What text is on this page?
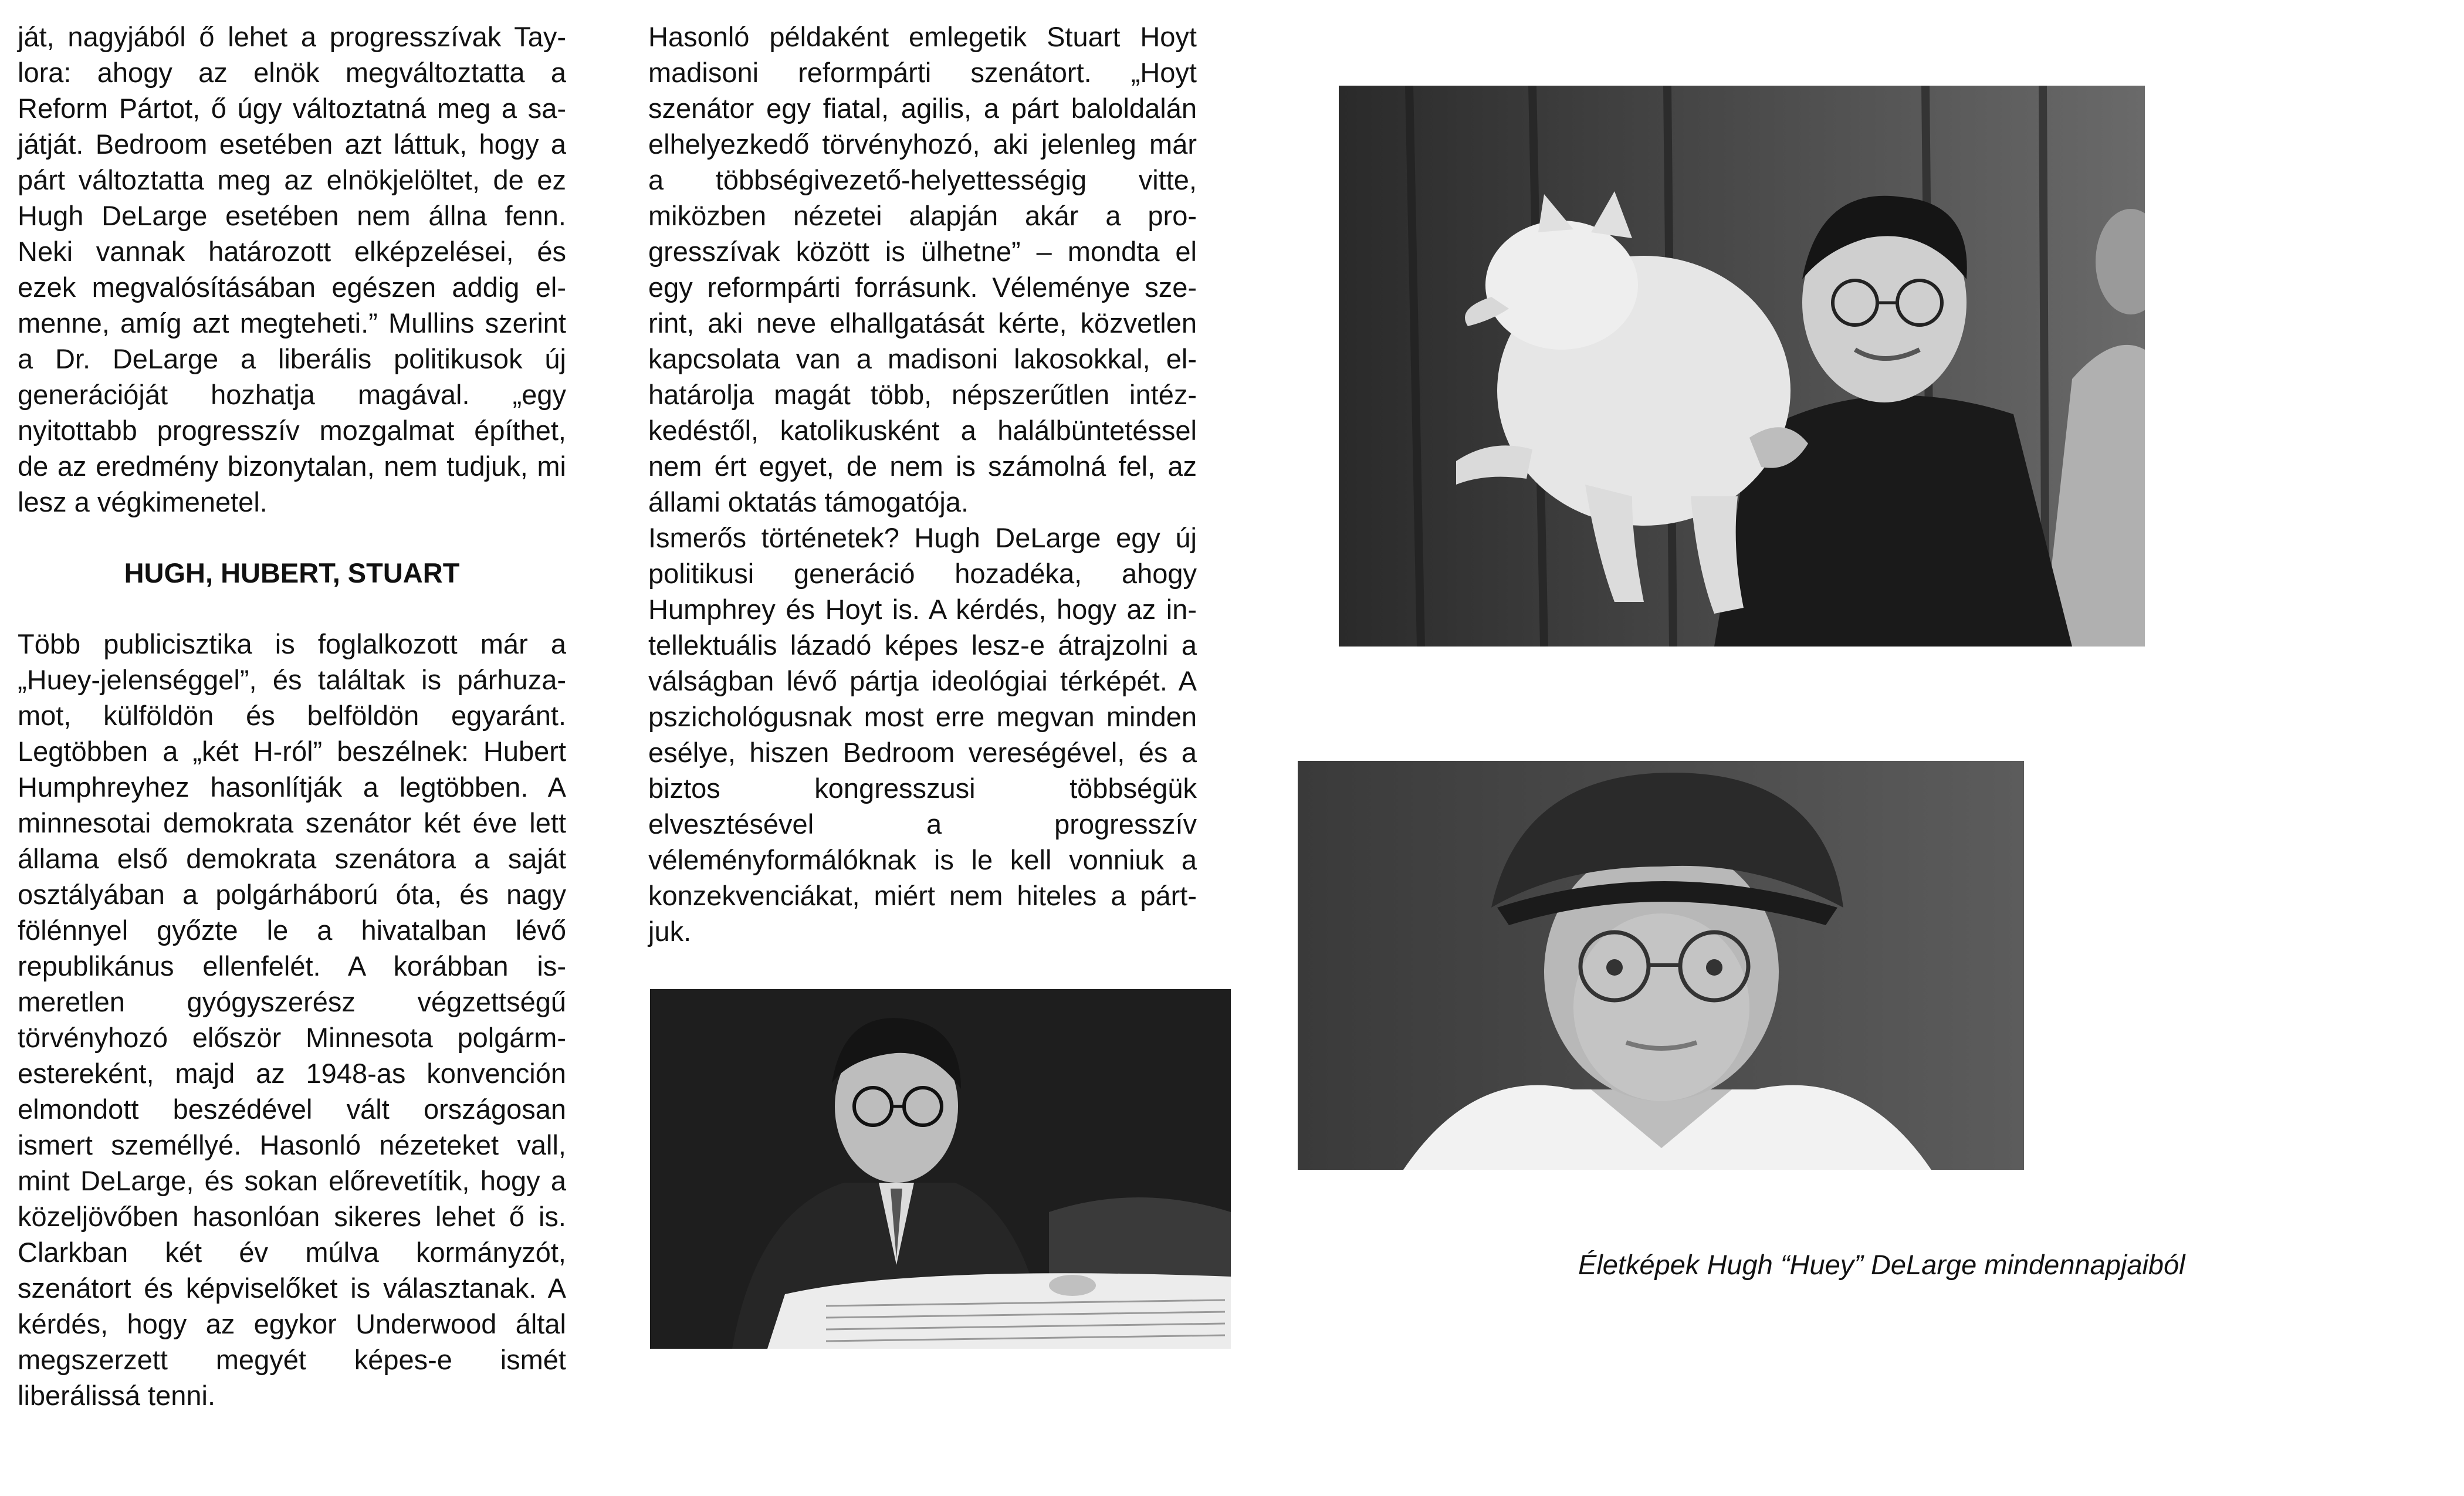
ját, nagyjából ő lehet a progresszívak Taylora: ahogy az elnök megváltoztatta a Reform Pártot, ő úgy változtatná meg a sajátját. Bedroom esetében azt láttuk, hogy a párt változtatta meg az elnökjelöltet, de ez Hugh DeLarge esetében nem állna fenn. Neki vannak határozott elképzelései, és ezek megvalósításában egészen addig elmenne, amíg azt megteheti.” Mullins szerint a Dr. DeLarge a liberális politikusok új generációját hozhatja magával. „egy nyitottabb progresszív mozgalmat építhet, de az eredmény bizonytalan, nem tudjuk, mi lesz a végkimenetel.

HUGH, HUBERT, STUART

Több publicisztika is foglalkozott már a „Huey-jelenséggel”, és találtak is párhuzamot, külföldön és belföldön egyaránt. Legtöbben a „két H-ról” beszélnek: Hubert Humphreyhez hasonlítják a legtöbben. A minnesotai demokrata szenátor két éve lett állama első demokrata szenátora a saját osztályában a polgárháború óta, és nagy fölénnyel győzte le a hivatalban lévő republikánus ellenfelét. A korábban ismeretlen gyógyszerész végzettségű törvényhozó először Minnesota polgármestereként, majd az 1948-as konvención elmondott beszédével vált országosan ismert személlyé. Hasonló nézeteket vall, mint DeLarge, és sokan előrevetítik, hogy a közeljövőben hasonlóan sikeres lehet ő is. Clarkban két év múlva kormányzót, szenátort és képviselőket is választanak. A kérdés, hogy az egykor Underwood által megszerzett megyét képes-e ismét liberálissá tenni.

Hasonló példaként emlegetik Stuart Hoyt madisoni reformpárti szenátort. „Hoyt szenátor egy fiatal, agilis, a párt baloldalán elhelyezkedő törvényhozó, aki jelenleg már a többségivezető-helyettességig vitte, miközben nézetei alapján akár a progresszívak között is ülhetne” – mondta el egy reformpárti forrásunk. Véleménye szerint, aki neve elhallgatását kérte, közvetlen kapcsolata van a madisoni lakosokkal, elhatárolja magát több, népszerűtlen intézkedéstől, katolikusként a halálbüntetéssel nem ért egyet, de nem is számolná fel, az állami oktatás támogatója.

Ismerős történetek? Hugh DeLarge egy új politikusi generáció hozadéka, ahogy Humphrey és Hoyt is. A kérdés, hogy az intellektuális lázadó képes lesz-e átrajzolni a válságban lévő pártja ideológiai térképét. A pszichológusnak most erre megvan minden esélye, hiszen Bedroom vereségével, és a biztos kongresszusi többségük elvesztésével a progresszív véleményformálóknak is le kell vonniuk a konzekvenciákat, miért nem hiteles a pártjuk.

Életképek Hugh “Huey” DeLarge mindennapjaiból
